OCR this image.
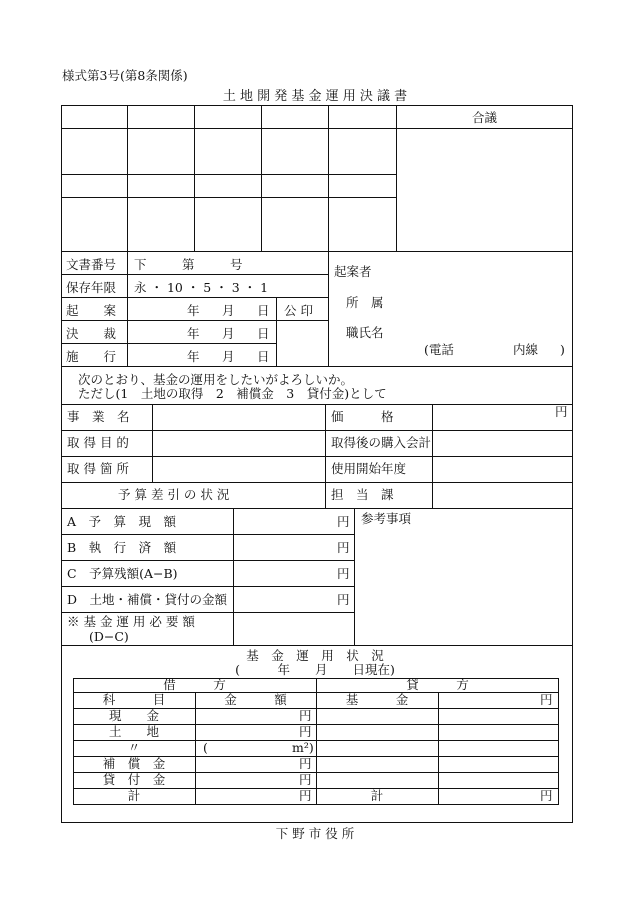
様式第3号(第8条関係)
土 地 開 発 基 金 運 用 決 議 書
合議
文書番号 下	第	号
保存年限 永 ・ 10 ・ 5 ・ 3 ・ 1
起　　案	年 月 日 公 印
決　　裁	年 月 日
施　　行	年 月 日
起案者
所　属
職氏名
(電話	内線 )
次のとおり、基金の運用をしたいがよろしいか。
ただし(1　土地の取得　2　補償金　3　貸付金)として
事　業　名	価　　　格	円
取 得 目 的	取得後の購入会計
取 得 箇 所	使用開始年度
予 算 差 引 の 状 況	担　当　課
A　予　算　現　額	円
B　執　行　済　額	円
C　予算残額(A−B)	円
D　土地・補償・貸付の金額	円
※ 基 金 運 用 必 要 額
(D−C)
参考事項
基　金　運　用　状　況
(　　　年　　月　　日現在)
借　　　方	貸　　　方
科　　　目	金　　　額	基　　　金	円
現　　金	円
土　　地	円
〃	(	m²)
補　償　金	円
貸　付　金	円
計	円	計	円
下 野 市 役 所
